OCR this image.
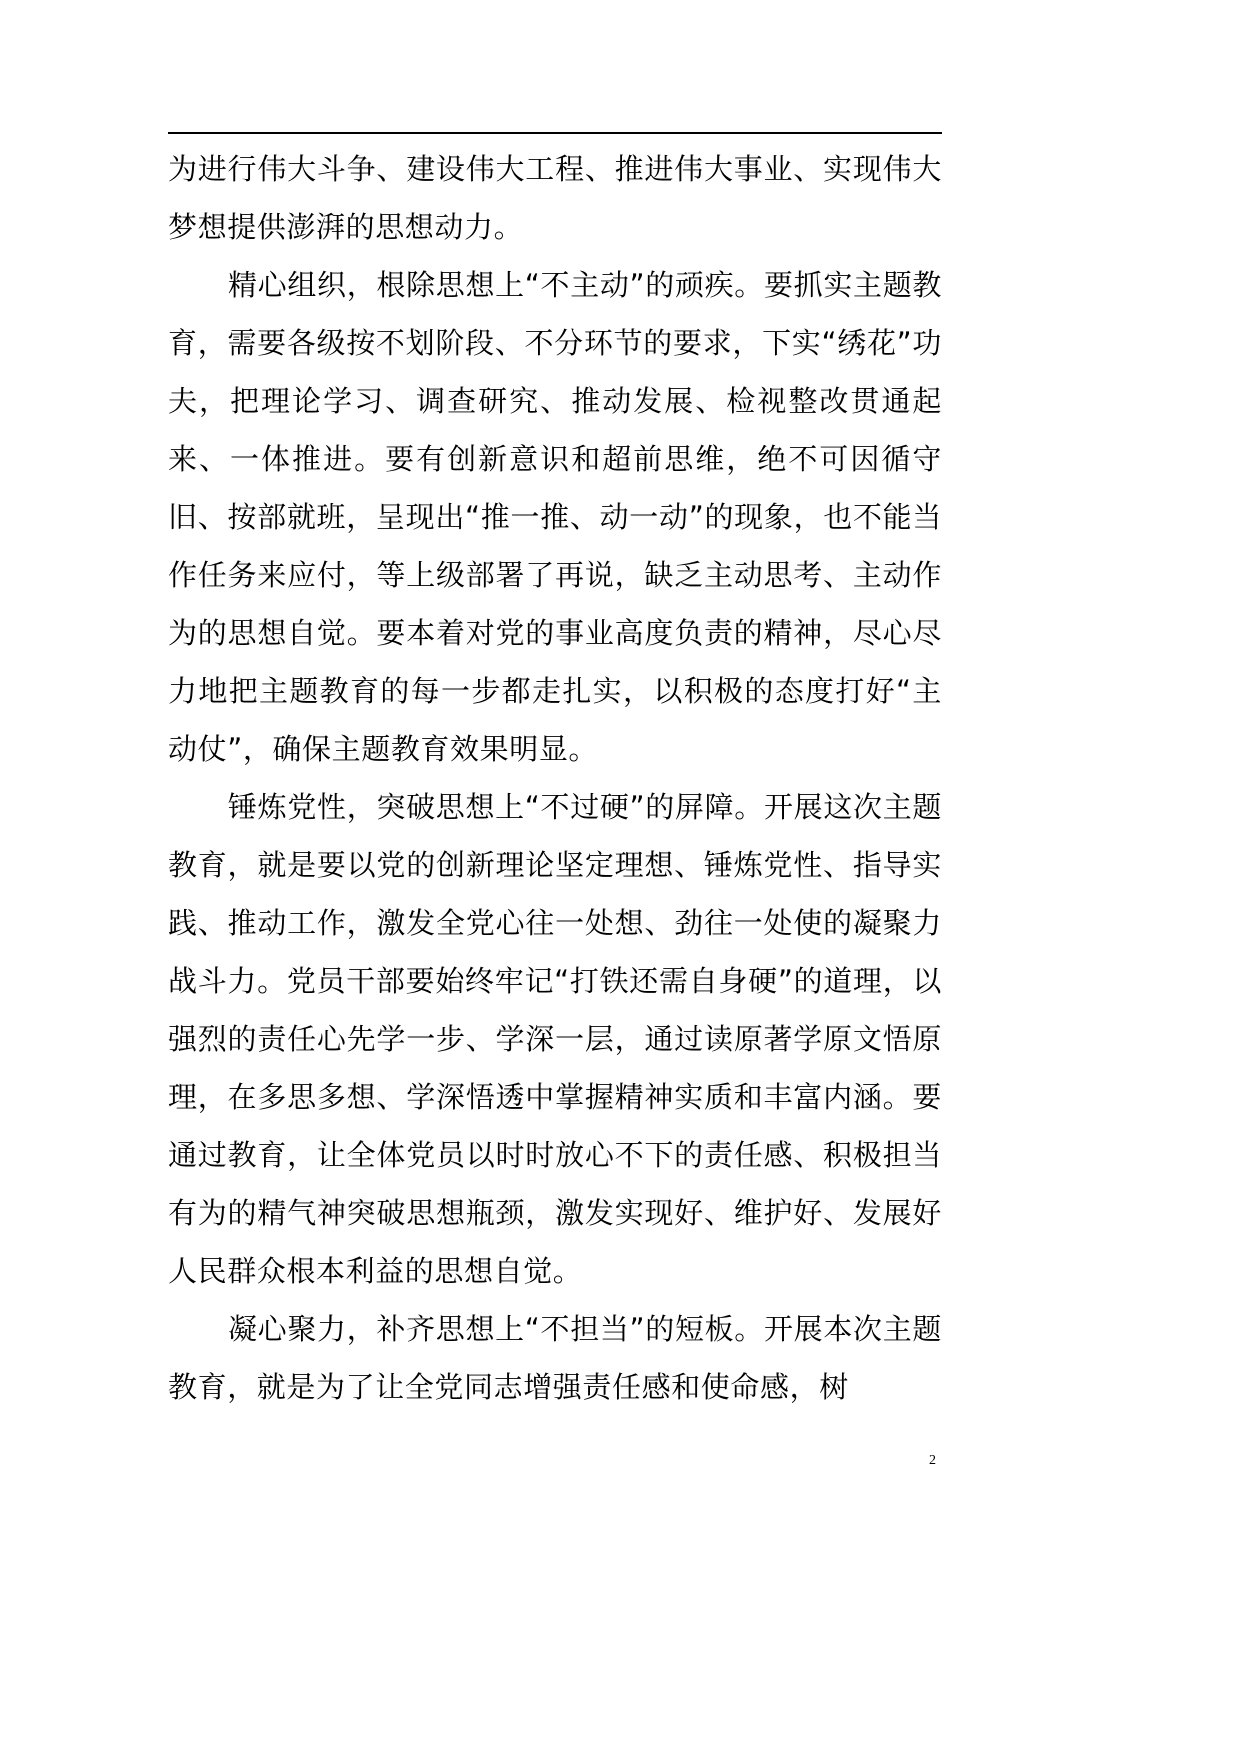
为进行伟大斗争、建设伟大工程、推进伟大事业、实现伟大梦想提供澎湃的思想动力。

精心组织，根除思想上“不主动”的顽疾。要抓实主题教育，需要各级按不划阶段、不分环节的要求，下实“绣花”功夫，把理论学习、调查研究、推动发展、检视整改贯通起来、一体推进。要有创新意识和超前思维，绝不可因循守旧、按部就班，呈现出“推一推、动一动”的现象，也不能当作任务来应付，等上级部署了再说，缺乏主动思考、主动作为的思想自觉。要本着对党的事业高度负责的精神，尽心尽力地把主题教育的每一步都走扎实，以积极的态度打好“主动仗”，确保主题教育效果明显。

锤炼党性，突破思想上“不过硬”的屏障。开展这次主题教育，就是要以党的创新理论坚定理想、锤炼党性、指导实践、推动工作，激发全党心往一处想、劲往一处使的凝聚力战斗力。党员干部要始终牢记“打铁还需自身硬”的道理，以强烈的责任心先学一步、学深一层，通过读原著学原文悟原理，在多思多想、学深悟透中掌握精神实质和丰富内涵。要通过教育，让全体党员以时时放心不下的责任感、积极担当有为的精气神突破思想瓶颈，激发实现好、维护好、发展好人民群众根本利益的思想自觉。

凝心聚力，补齐思想上“不担当”的短板。开展本次主题教育，就是为了让全党同志增强责任感和使命感，树

2
